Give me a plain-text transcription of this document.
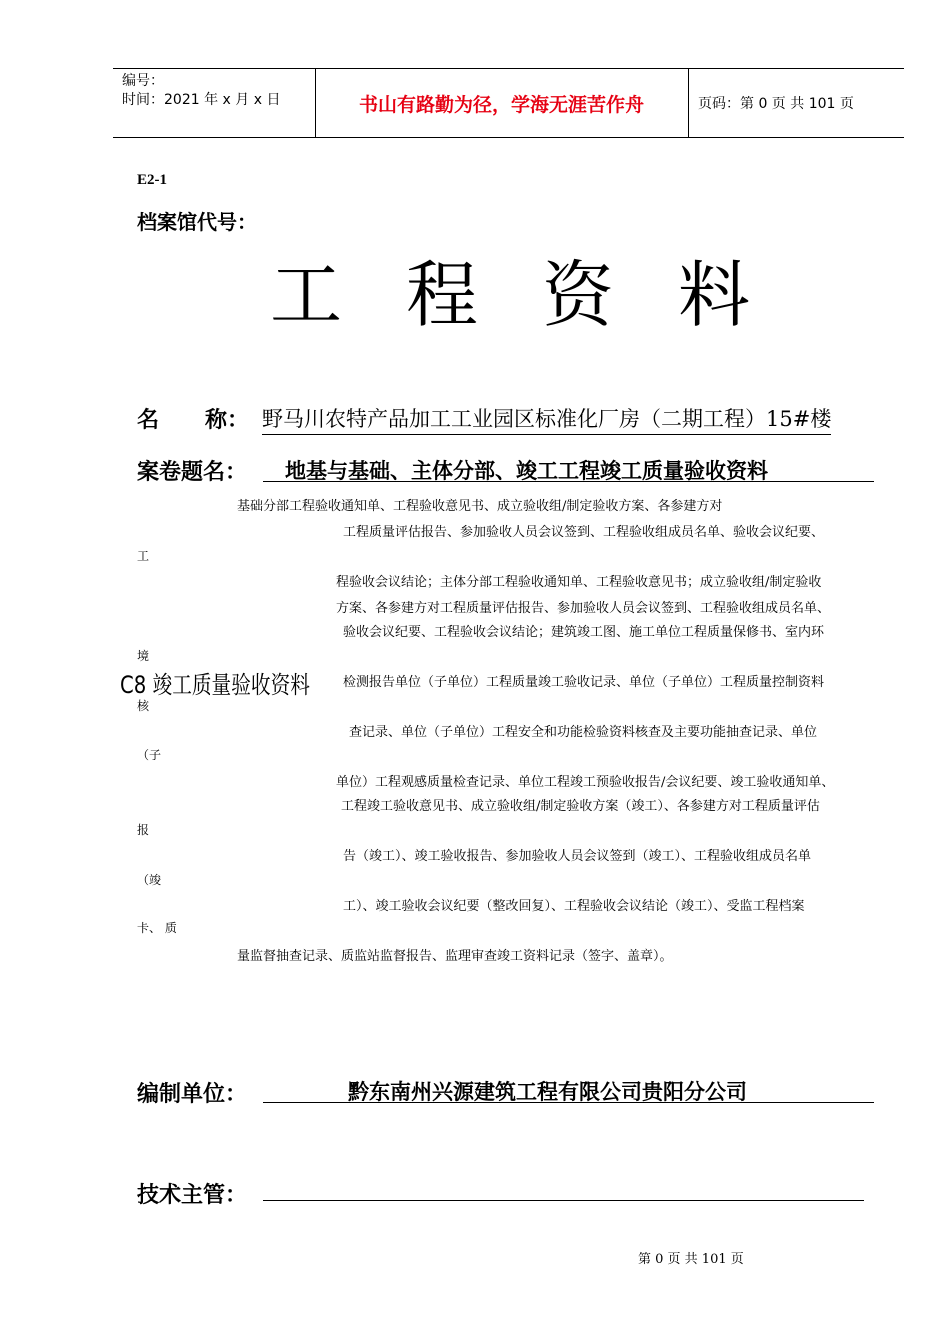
编号：
时间：2021 年 x 月 x 日	书山有路勤为径，学海无涯苦作舟	页码：第 0 页 共 101 页
E2-1
档案馆代号：
工 程 资 料
名 称： 野马川农特产品加工工业园区标准化厂房（二期工程）15#楼
案卷题名： 地基与基础、主体分部、竣工工程竣工质量验收资料
基础分部工程验收通知单、工程验收意见书、成立验收组/制定验收方案、各参建方对
工程质量评估报告、参加验收人员会议签到、工程验收组成员名单、验收会议纪要、
程验收会议结论；主体分部工程验收通知单、工程验收意见书；成立验收组/制定验收
方案、各参建方对工程质量评估报告、参加验收人员会议签到、工程验收组成员名单、
验收会议纪要、工程验收会议结论；建筑竣工图、施工单位工程质量保修书、室内环
检测报告单位（子单位）工程质量竣工验收记录、单位（子单位）工程质量控制资料
查记录、单位（子单位）工程安全和功能检验资料核查及主要功能抽查记录、单位
单位）工程观感质量检查记录、单位工程竣工预验收报告/会议纪要、竣工验收通知单、
工程竣工验收意见书、成立验收组/制定验收方案（竣工）、各参建方对工程质量评估
告（竣工）、竣工验收报告、参加验收人员会议签到（竣工）、工程验收组成员名单
工）、竣工验收会议纪要（整改回复）、工程验收会议结论（竣工）、受监工程档案
量监督抽查记录、质监站监督报告、监理审查竣工资料记录（签字、盖章）。
工
境
核
（子
报
（竣
卡、 质
C8 竣工质量验收资料
编制单位：	黔东南州兴源建筑工程有限公司贵阳分公司
技术主管：
第 0 页 共 101 页
